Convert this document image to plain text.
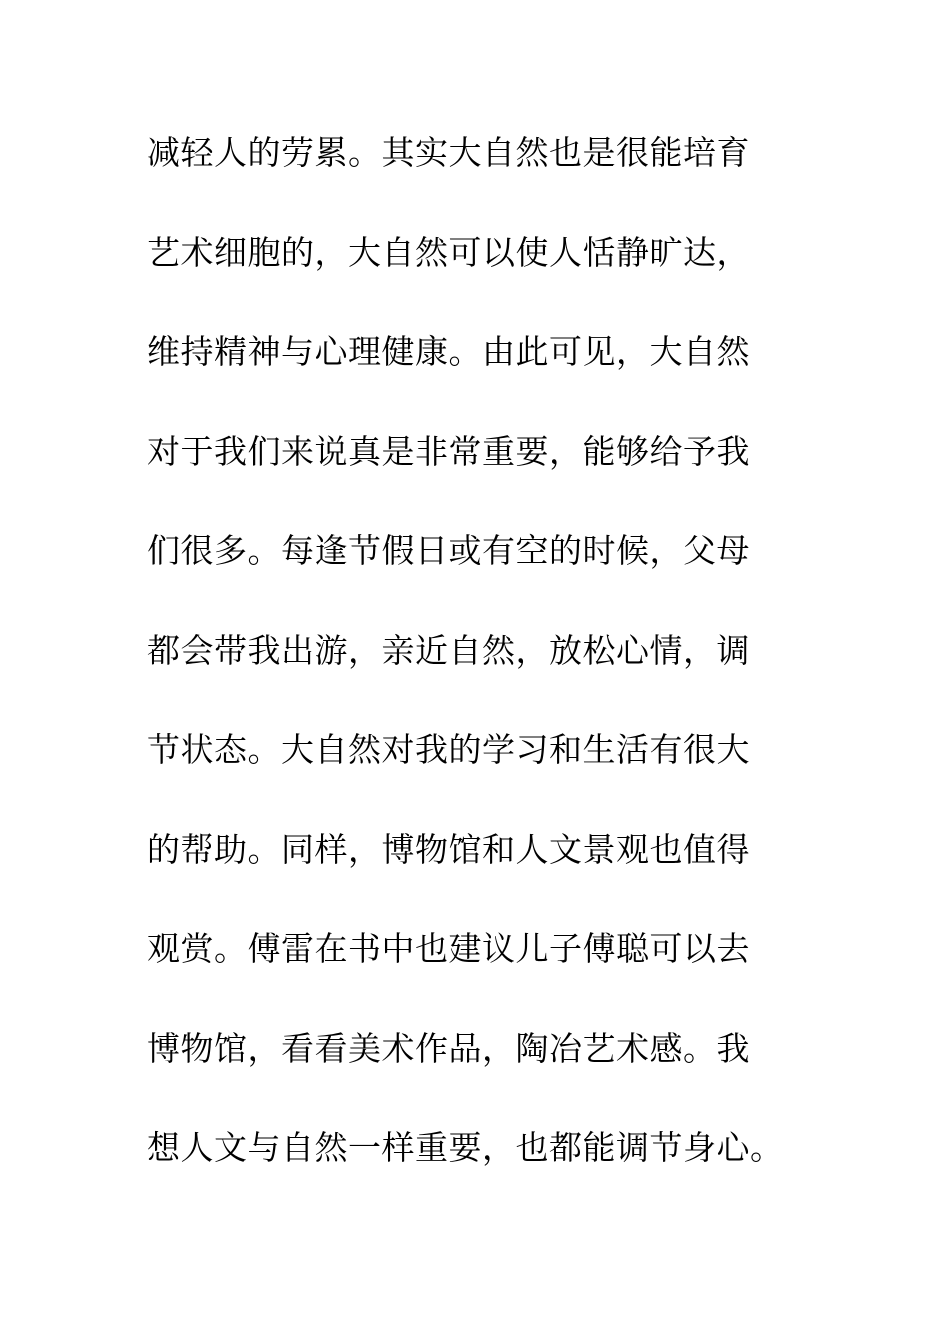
减轻人的劳累。其实大自然也是很能培育
艺术细胞的，大自然可以使人恬静旷达，
维持精神与心理健康。由此可见，大自然
对于我们来说真是非常重要，能够给予我
们很多。每逢节假日或有空的时候，父母
都会带我出游，亲近自然，放松心情，调
节状态。大自然对我的学习和生活有很大
的帮助。同样，博物馆和人文景观也值得
观赏。傅雷在书中也建议儿子傅聪可以去
博物馆，看看美术作品，陶冶艺术感。我
想人文与自然一样重要，也都能调节身心。
